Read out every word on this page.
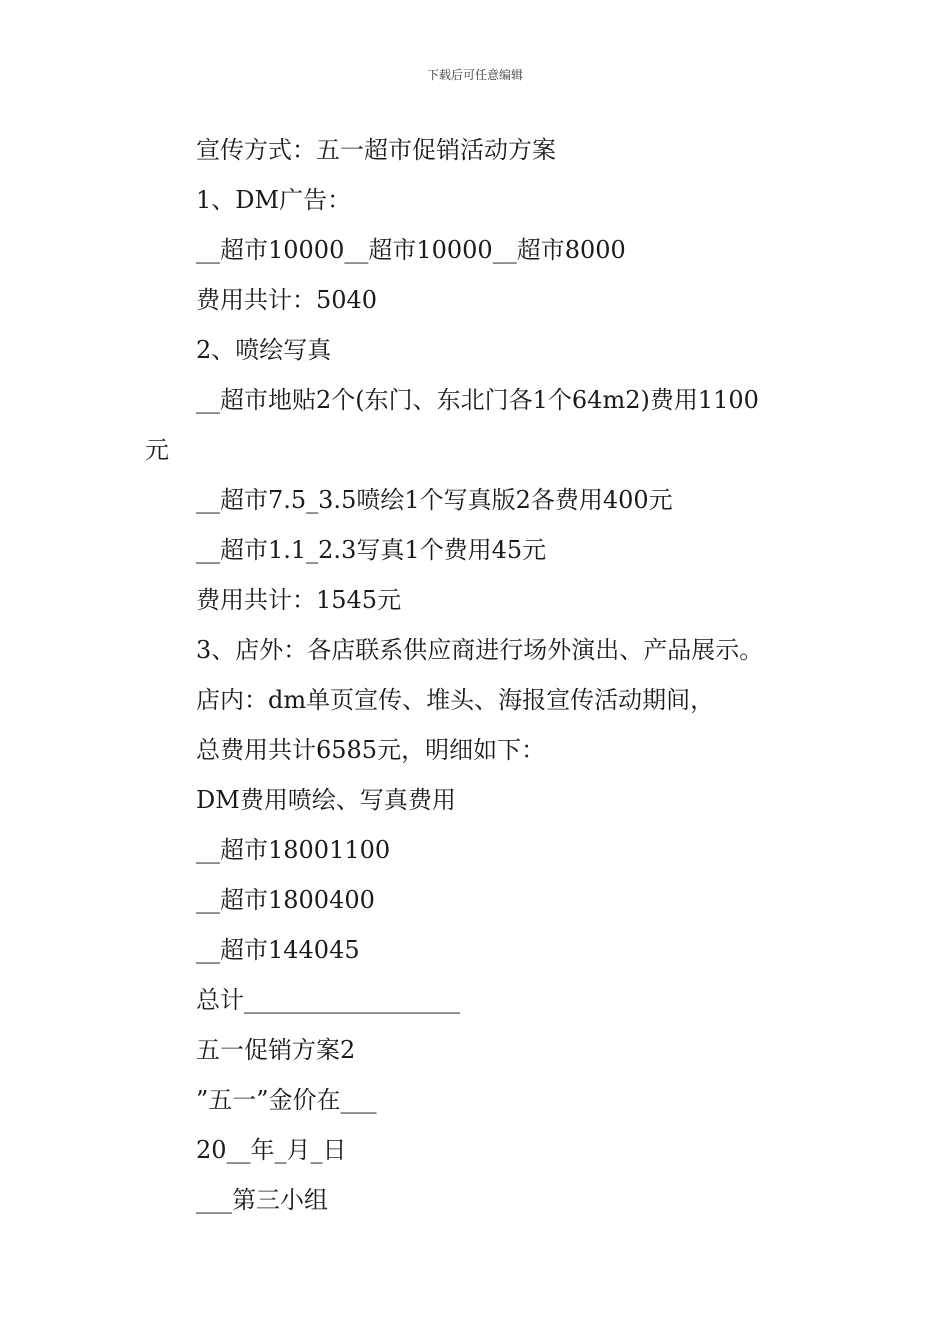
下载后可任意编辑
宣传方式：五一超市促销活动方案
1、DM广告：
__超市10000__超市10000__超市8000
费用共计：5040
2、喷绘写真
__超市地贴2个(东门、东北门各1个64m2)费用1100
元
__超市7.5_3.5喷绘1个写真版2各费用400元
__超市1.1_2.3写真1个费用45元
费用共计：1545元
3、店外：各店联系供应商进行场外演出、产品展示。
店内：dm单页宣传、堆头、海报宣传活动期间，
总费用共计6585元，明细如下：
DM费用喷绘、写真费用
__超市18001100
__超市1800400
__超市144045
总计__________________
五一促销方案2
”五一”金价在___
20__年_月_日
___第三小组
